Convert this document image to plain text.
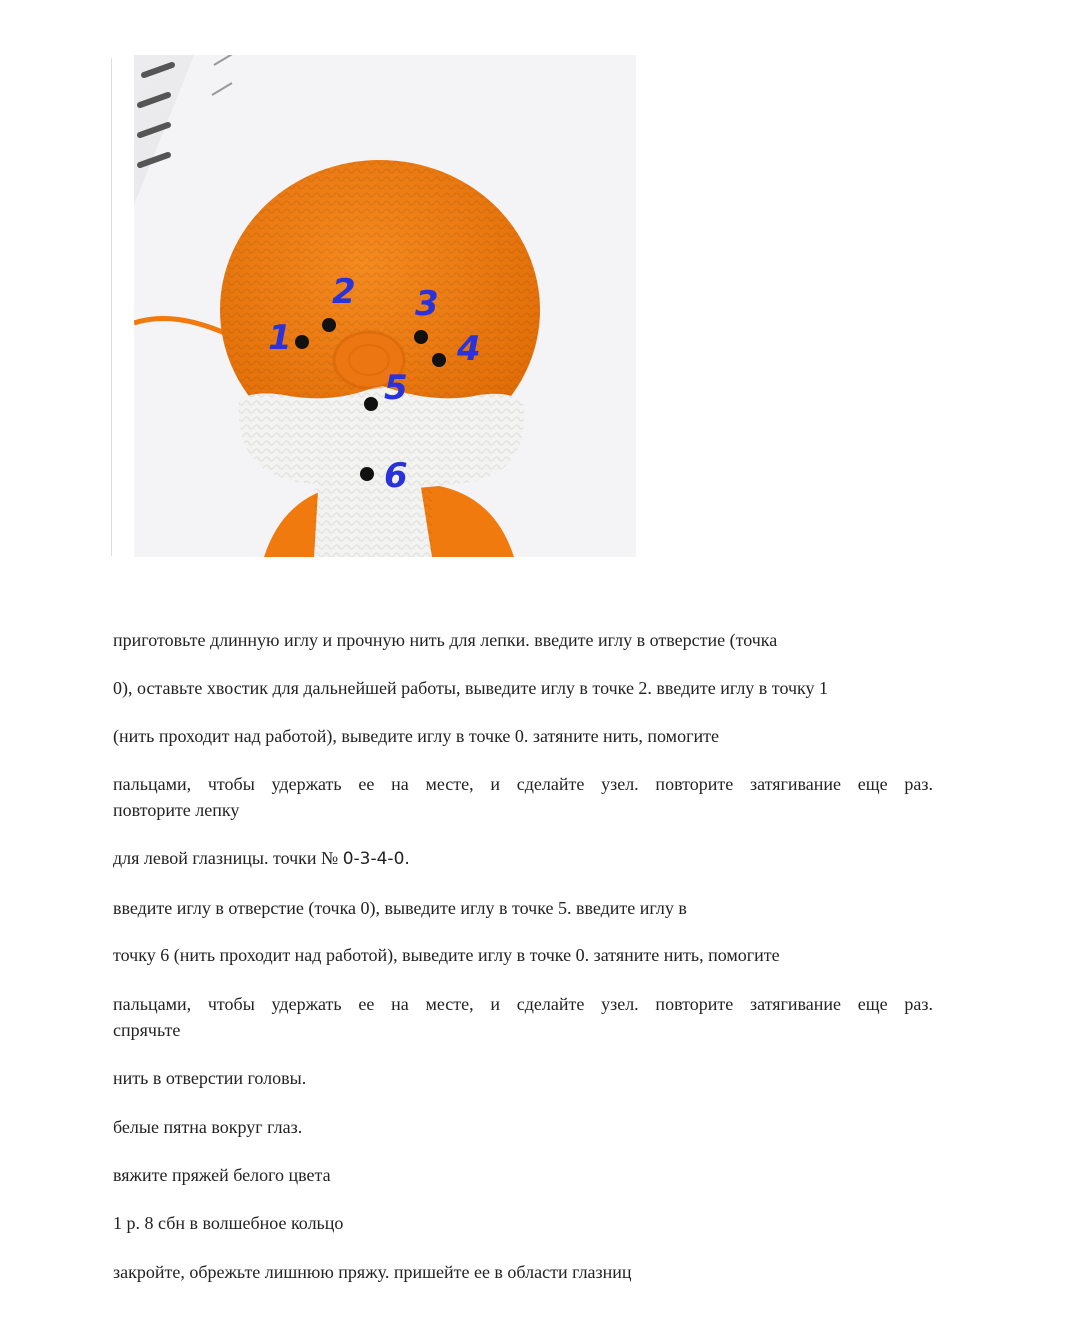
1
2 3
4
5
6

приготовьте длинную иглу и прочную нить для лепки. введите иглу в отверстие (точка

0), оставьте хвостик для дальнейшей работы, выведите иглу в точке 2. введите иглу в точку 1

(нить проходит над работой), выведите иглу в точке 0. затяните нить, помогите

пальцами, чтобы удержать ее на месте, и сделайте узел. повторите затягивание еще раз.

повторите лепку

для левой глазницы. точки № 0-3-4-0.

введите иглу в отверстие (точка 0), выведите иглу в точке 5. введите иглу в

точку 6 (нить проходит над работой), выведите иглу в точке 0. затяните нить, помогите

пальцами, чтобы удержать ее на месте, и сделайте узел. повторите затягивание еще раз.

спрячьте

нить в отверстии головы.

белые пятна вокруг глаз.

вяжите пряжей белого цвета

1 р. 8 сбн в волшебное кольцо

закройте, обрежьте лишнюю пряжу. пришейте ее в области глазниц
